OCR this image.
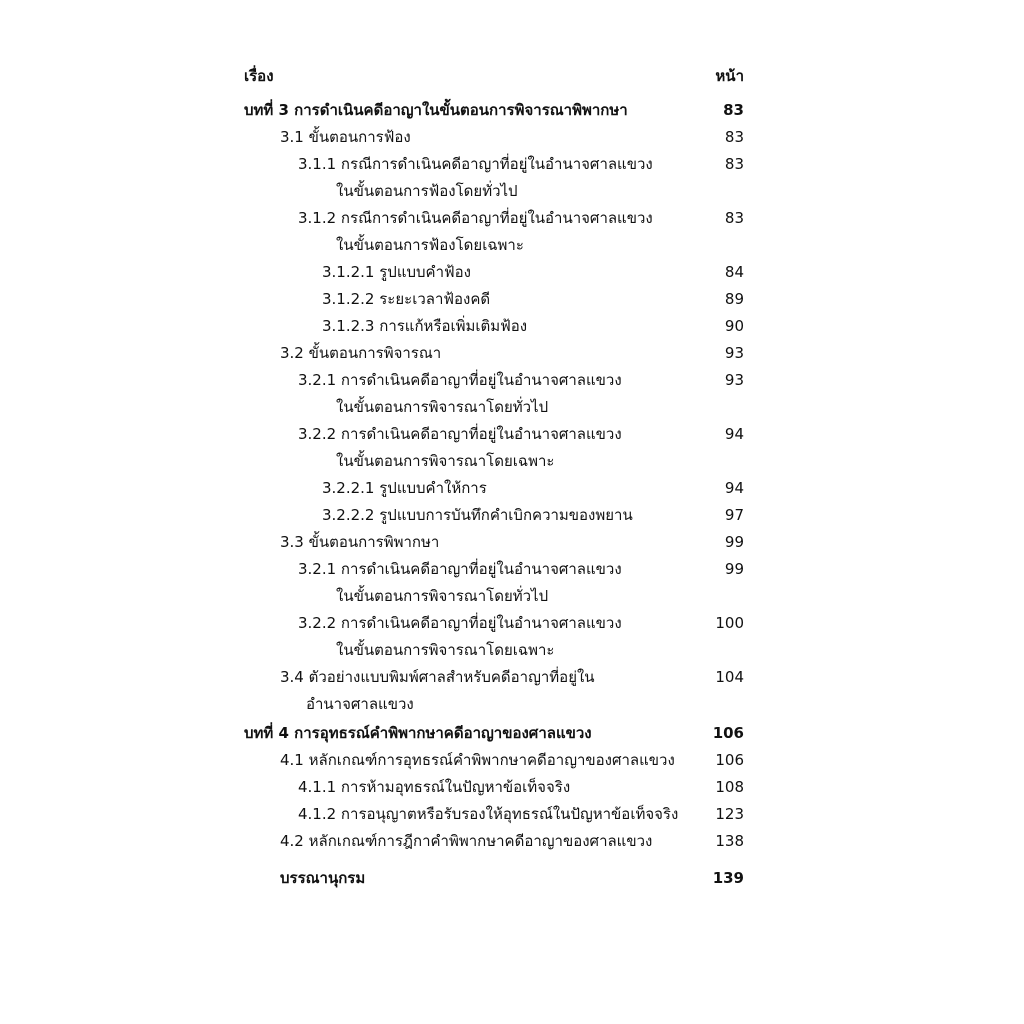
เรื่อง	หน้า
บทที่ 3 การดำเนินคดีอาญาในขั้นตอนการพิจารณาพิพากษา	83
3.1 ขั้นตอนการฟ้อง	83
3.1.1 กรณีการดำเนินคดีอาญาที่อยู่ในอำนาจศาลแขวง	83
ในขั้นตอนการฟ้องโดยทั่วไป
3.1.2 กรณีการดำเนินคดีอาญาที่อยู่ในอำนาจศาลแขวง	83
ในขั้นตอนการฟ้องโดยเฉพาะ
3.1.2.1 รูปแบบคำฟ้อง	84
3.1.2.2 ระยะเวลาฟ้องคดี	89
3.1.2.3 การแก้หรือเพิ่มเติมฟ้อง	90
3.2 ขั้นตอนการพิจารณา	93
3.2.1 การดำเนินคดีอาญาที่อยู่ในอำนาจศาลแขวง	93
ในขั้นตอนการพิจารณาโดยทั่วไป
3.2.2 การดำเนินคดีอาญาที่อยู่ในอำนาจศาลแขวง	94
ในขั้นตอนการพิจารณาโดยเฉพาะ
3.2.2.1 รูปแบบคำให้การ	94
3.2.2.2 รูปแบบการบันทึกคำเบิกความของพยาน	97
3.3 ขั้นตอนการพิพากษา	99
3.2.1 การดำเนินคดีอาญาที่อยู่ในอำนาจศาลแขวง	99
ในขั้นตอนการพิจารณาโดยทั่วไป
3.2.2 การดำเนินคดีอาญาที่อยู่ในอำนาจศาลแขวง	100
ในขั้นตอนการพิจารณาโดยเฉพาะ
3.4 ตัวอย่างแบบพิมพ์ศาลสำหรับคดีอาญาที่อยู่ใน	104
อำนาจศาลแขวง
บทที่ 4 การอุทธรณ์คำพิพากษาคดีอาญาของศาลแขวง	106
4.1 หลักเกณฑ์การอุทธรณ์คำพิพากษาคดีอาญาของศาลแขวง	106
4.1.1 การห้ามอุทธรณ์ในปัญหาข้อเท็จจริง	108
4.1.2 การอนุญาตหรือรับรองให้อุทธรณ์ในปัญหาข้อเท็จจริง 123
4.2 หลักเกณฑ์การฎีกาคำพิพากษาคดีอาญาของศาลแขวง	138
บรรณานุกรม	139
